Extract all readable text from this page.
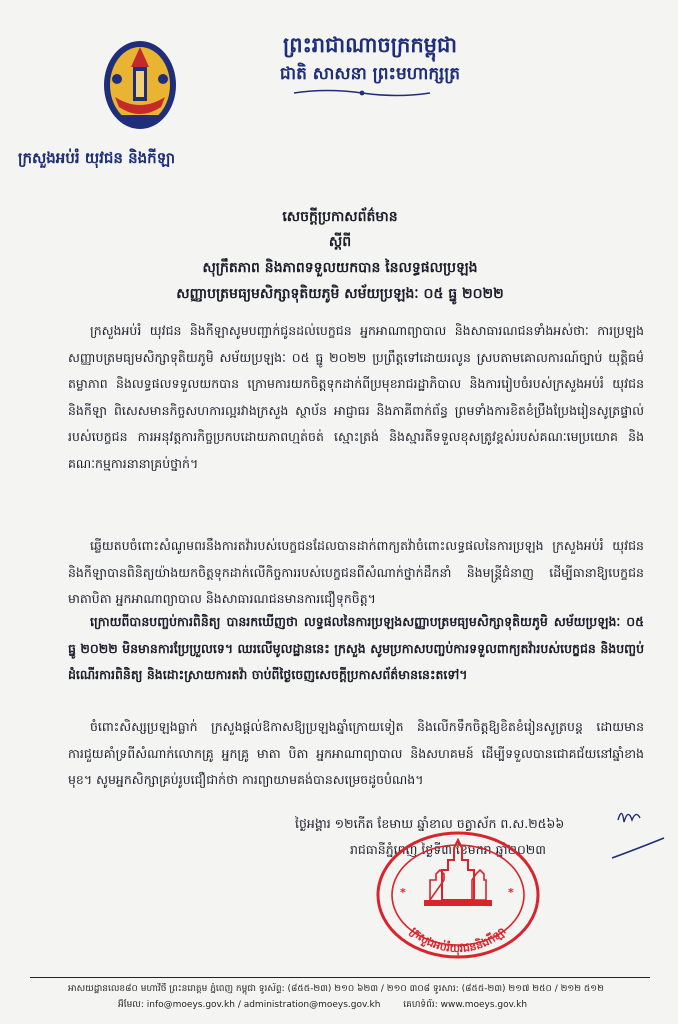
ព្រះរាជាណាចក្រកម្ពុជា
ជាតិ សាសនា ព្រះមហាក្សត្រ
ក្រសួងអប់រំ យុវជន និងកីឡា
សេចក្ដីប្រកាសព័ត៌មាន
ស្ដីពី
សុក្រឹតភាព និងភាពទទួលយកបាន នៃលទ្ធផលប្រឡង
សញ្ញាបត្រមធ្យមសិក្សាទុតិយភូមិ សម័យប្រឡងៈ ០៥ ធ្នូ ២០២២
ក្រសួងអប់រំ យុវជន និងកីឡាសូមបញ្ជាក់ជូនដល់បេក្ខជន អ្នកអាណាព្យាបាល និងសាធារណជនទាំងអស់ថាៈ ការប្រឡងសញ្ញាបត្រមធ្យមសិក្សាទុតិយភូមិ សម័យប្រឡងៈ ០៥ ធ្នូ ២០២២ ប្រព្រឹត្តទៅដោយរលូន ស្របតាមគោលការណ៍ច្បាប់ យុត្តិធម៌ តម្លាភាព និងលទ្ធផលទទួលយកបាន ក្រោមការយកចិត្តទុកដាក់ពីប្រមុខរាជរដ្ឋាភិបាល និងការរៀបចំរបស់ក្រសួងអប់រំ យុវជន និងកីឡា ពិសេសមានកិច្ចសហការល្អរវាងក្រសួង ស្ថាប័ន អាជ្ញាធរ និងភាគីពាក់ព័ន្ធ ព្រមទាំងការខិតខំប្រឹងប្រែងរៀនសូត្រផ្ទាល់របស់បេក្ខជន ការអនុវត្តការកិច្ចប្រកបដោយភាពហ្មត់ចត់ ស្មោះត្រង់ និងស្មារតីទទួលខុសត្រូវខ្ពស់របស់គណៈមេប្រយោគ និងគណៈកម្មការនានាគ្រប់ថ្នាក់។
ឆ្លើយតបចំពោះសំណូមពរនឹងការតវ៉ារបស់បេក្ខជនដែលបានដាក់ពាក្យតវ៉ាចំពោះលទ្ធផលនៃការប្រឡង ក្រសួងអប់រំ យុវជន និងកីឡាបានពិនិត្យយ៉ាងយកចិត្តទុកដាក់លើកិច្ចការរបស់បេក្ខជនពីសំណាក់ថ្នាក់ដឹកនាំ និងមន្ត្រីជំនាញ ដើម្បីធានាឱ្យបេក្ខជន មាតាបិតា អ្នកអាណាព្យាបាល និងសាធារណជនមានការជឿទុកចិត្ត។
ក្រោយពីបានបញ្ចប់ការពិនិត្យ បានរកឃើញថា លទ្ធផលនៃការប្រឡងសញ្ញាបត្រមធ្យមសិក្សាទុតិយភូមិ សម័យប្រឡងៈ ០៥ ធ្នូ ២០២២ មិនមានការប្រែប្រួលទេ។ ឈរលើមូលដ្ឋាននេះ ក្រសួង សូមប្រកាសបញ្ចប់ការទទួលពាក្យតវ៉ារបស់បេក្ខជន និងបញ្ចប់ដំណើរការពិនិត្យ និងដោះស្រាយការតវ៉ា ចាប់ពីថ្ងៃចេញសេចក្ដីប្រកាសព័ត៌មាននេះតទៅ។
ចំពោះសិស្សប្រឡងធ្លាក់ ក្រសួងផ្ដល់ឱកាសឱ្យប្រឡងឆ្នាំក្រោយទៀត និងលើកទឹកចិត្តឱ្យខិតខំរៀនសូត្របន្ត ដោយមានការជួយគាំទ្រពីសំណាក់លោកគ្រូ អ្នកគ្រូ មាតា បិតា អ្នកអាណាព្យាបាល និងសហគមន៍ ដើម្បីទទួលបានជោគជ័យនៅឆ្នាំខាងមុខ។ សូមអ្នកសិក្សាគ្រប់រូបជឿជាក់ថា ការព្យាយាមគង់បានសម្រេចដូចបំណង។
ថ្ងៃអង្គារ ១២កើត ខែមាឃ ឆ្នាំខាល ចត្វាស័ក ព.ស.២៥៦៦
រាជធានីភ្នំពេញ ថ្ងៃទី៣ ខែមករា ឆ្នាំ២០២៣
*	*
ក្រសួងអប់រំយុវជននិងកីឡា
អាសយដ្ឋានលេខ៨០ មហាវិថី ព្រះនរោត្ដម ភ្នំពេញ កម្ពុជា ទូរស័ព្ទ: (៨៥៥-២៣) ២១០ ៦២៣ / ២១០ ៣០៨ ទូរសារ: (៨៥៥-២៣) ២១៧ ២៥០ / ២១២ ៥១២
អ៊ីមែល: info@moeys.gov.kh / administration@moeys.gov.kh	គេហទំព័រ: www.moeys.gov.kh
